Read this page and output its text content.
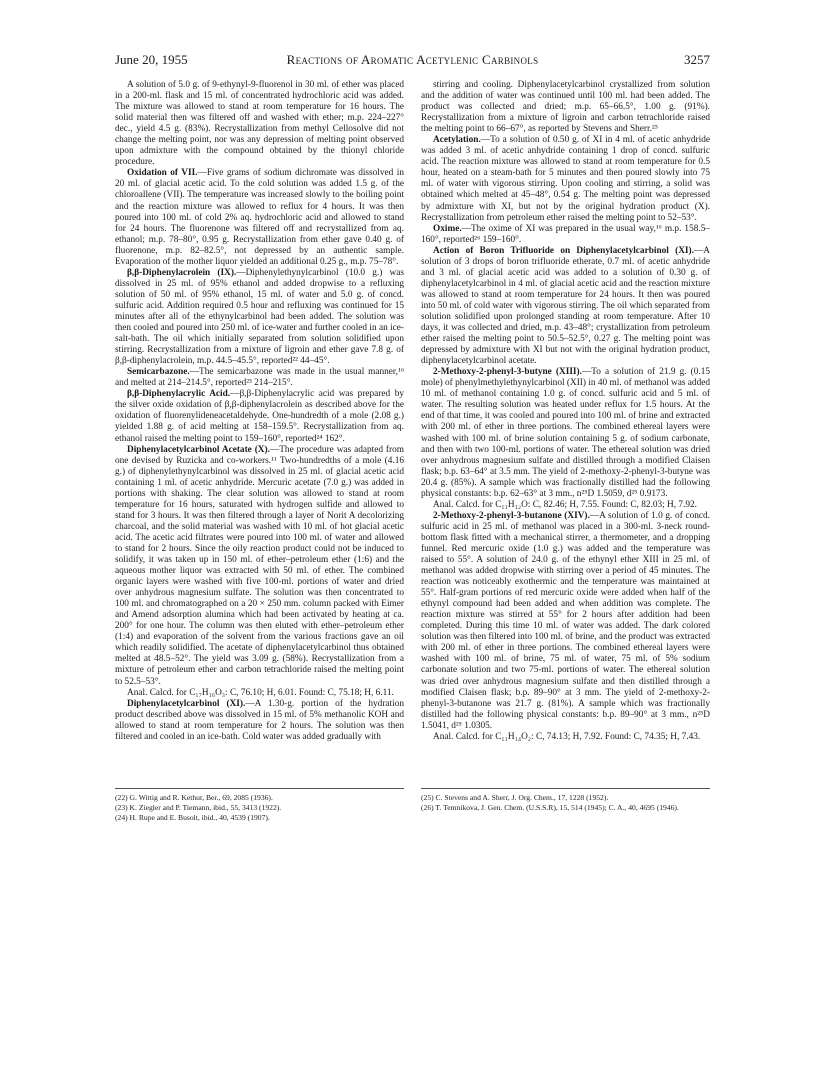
June 20, 1955	Reactions of Aromatic Acetylenic Carbinols	3257

A solution of 5.0 g. of 9-ethynyl-9-fluorenol in 30 ml. of ether was placed in a 200-ml. flask and 15 ml. of concentrated hydrochloric acid was added. The mixture was allowed to stand at room temperature for 16 hours. The solid material then was filtered off and washed with ether; m.p. 224–227° dec., yield 4.5 g. (83%). Recrystallization from methyl Cellosolve did not change the melting point, nor was any depression of melting point observed upon admixture with the compound obtained by the thionyl chloride procedure.

Oxidation of VII.—Five grams of sodium dichromate was dissolved in 20 ml. of glacial acetic acid. To the cold solution was added 1.5 g. of the chloroallene (VII). The temperature was increased slowly to the boiling point and the reaction mixture was allowed to reflux for 4 hours. It was then poured into 100 ml. of cold 2% aq. hydrochloric acid and allowed to stand for 24 hours. The fluorenone was filtered off and recrystallized from aq. ethanol; m.p. 78–80°, 0.95 g. Recrystallization from ether gave 0.40 g. of fluorenone, m.p. 82–82.5°, not depressed by an authentic sample. Evaporation of the mother liquor yielded an additional 0.25 g., m.p. 75–78°.

β,β-Diphenylacrolein (IX).—Diphenylethynylcarbinol (10.0 g.) was dissolved in 25 ml. of 95% ethanol and added dropwise to a refluxing solution of 50 ml. of 95% ethanol, 15 ml. of water and 5.0 g. of concd. sulfuric acid. Addition required 0.5 hour and refluxing was continued for 15 minutes after all of the ethynylcarbinol had been added. The solution was then cooled and poured into 250 ml. of ice-water and further cooled in an ice-salt-bath. The oil which initially separated from solution solidified upon stirring. Recrystallization from a mixture of ligroin and ether gave 7.8 g. of β,β-diphenylacrolein, m.p. 44.5–45.5°, reported²² 44–45°.

Semicarbazone.—The semicarbazone was made in the usual manner,¹⁶ and melted at 214–214.5°, reported²³ 214–215°.

β,β-Diphenylacrylic Acid.—β,β-Diphenylacrylic acid was prepared by the silver oxide oxidation of β,β-diphenylacrolein as described above for the oxidation of fluorenylideneacetaldehyde. One-hundredth of a mole (2.08 g.) yielded 1.88 g. of acid melting at 158–159.5°. Recrystallization from aq. ethanol raised the melting point to 159–160°, reported²⁴ 162°.

Diphenylacetylcarbinol Acetate (X).—The procedure was adapted from one devised by Ruzicka and co-workers.¹¹ Two-hundredths of a mole (4.16 g.) of diphenylethynylcarbinol was dissolved in 25 ml. of glacial acetic acid containing 1 ml. of acetic anhydride. Mercuric acetate (7.0 g.) was added in portions with shaking. The clear solution was allowed to stand at room temperature for 16 hours, saturated with hydrogen sulfide and allowed to stand for 3 hours. It was then filtered through a layer of Norit A decolorizing charcoal, and the solid material was washed with 10 ml. of hot glacial acetic acid. The acetic acid filtrates were poured into 100 ml. of water and allowed to stand for 2 hours. Since the oily reaction product could not be induced to solidify, it was taken up in 150 ml. of ether–petroleum ether (1:6) and the aqueous mother liquor was extracted with 50 ml. of ether. The combined organic layers were washed with five 100-ml. portions of water and dried over anhydrous magnesium sulfate. The solution was then concentrated to 100 ml. and chromatographed on a 20 × 250 mm. column packed with Eimer and Amend adsorption alumina which had been activated by heating at ca. 200° for one hour. The column was then eluted with ether–petroleum ether (1:4) and evaporation of the solvent from the various fractions gave an oil which readily solidified. The acetate of diphenylacetylcarbinol thus obtained melted at 48.5–52°. The yield was 3.09 g. (58%). Recrystallization from a mixture of petroleum ether and carbon tetrachloride raised the melting point to 52.5–53°.

Anal. Calcd. for C₁₇H₁₆O₃: C, 76.10; H, 6.01. Found: C, 75.18; H, 6.11.

Diphenylacetylcarbinol (XI).—A 1.30-g. portion of the hydration product described above was dissolved in 15 ml. of 5% methanolic KOH and allowed to stand at room temperature for 2 hours. The solution was then filtered and cooled in an ice-bath. Cold water was added gradually with

stirring and cooling. Diphenylacetylcarbinol crystallized from solution and the addition of water was continued until 100 ml. had been added. The product was collected and dried; m.p. 65–66.5°, 1.00 g. (91%). Recrystallization from a mixture of ligroin and carbon tetrachloride raised the melting point to 66–67°, as reported by Stevens and Sherr.²⁵

Acetylation.—To a solution of 0.50 g. of XI in 4 ml. of acetic anhydride was added 3 ml. of acetic anhydride containing 1 drop of concd. sulfuric acid. The reaction mixture was allowed to stand at room temperature for 0.5 hour, heated on a steam-bath for 5 minutes and then poured slowly into 75 ml. of water with vigorous stirring. Upon cooling and stirring, a solid was obtained which melted at 45–48°, 0.54 g. The melting point was depressed by admixture with XI, but not by the original hydration product (X). Recrystallization from petroleum ether raised the melting point to 52–53°.

Oxime.—The oxime of XI was prepared in the usual way,¹⁶ m.p. 158.5–160°, reported²⁶ 159–160°.

Action of Boron Trifluoride on Diphenylacetylcarbinol (XI).—A solution of 3 drops of boron trifluoride etherate, 0.7 ml. of acetic anhydride and 3 ml. of glacial acetic acid was added to a solution of 0.30 g. of diphenylacetylcarbinol in 4 ml. of glacial acetic acid and the reaction mixture was allowed to stand at room temperature for 24 hours. It then was poured into 50 ml. of cold water with vigorous stirring. The oil which separated from solution solidified upon prolonged standing at room temperature. After 10 days, it was collected and dried, m.p. 43–48°; crystallization from petroleum ether raised the melting point to 50.5–52.5°, 0.27 g. The melting point was depressed by admixture with XI but not with the original hydration product, diphenylacetylcarbinol acetate.

2-Methoxy-2-phenyl-3-butyne (XIII).—To a solution of 21.9 g. (0.15 mole) of phenylmethylethynylcarbinol (XII) in 40 ml. of methanol was added 10 ml. of methanol containing 1.0 g. of concd. sulfuric acid and 5 ml. of water. The resulting solution was heated under reflux for 1.5 hours. At the end of that time, it was cooled and poured into 100 ml. of brine and extracted with 200 ml. of ether in three portions. The combined ethereal layers were washed with 100 ml. of brine solution containing 5 g. of sodium carbonate, and then with two 100-ml. portions of water. The ethereal solution was dried over anhydrous magnesium sulfate and distilled through a modified Claisen flask; b.p. 63–64° at 3.5 mm. The yield of 2-methoxy-2-phenyl-3-butyne was 20.4 g. (85%). A sample which was fractionally distilled had the following physical constants: b.p. 62–63° at 3 mm., n²⁵D 1.5059, d²⁵ 0.9173.

Anal. Calcd. for C₁₁H₁₂O: C, 82.46; H, 7.55. Found: C, 82.03; H, 7.92.

2-Methoxy-2-phenyl-3-butanone (XIV).—A solution of 1.0 g. of concd. sulfuric acid in 25 ml. of methanol was placed in a 300-ml. 3-neck round-bottom flask fitted with a mechanical stirrer, a thermometer, and a dropping funnel. Red mercuric oxide (1.0 g.) was added and the temperature was raised to 55°. A solution of 24.0 g. of the ethynyl ether XIII in 25 ml. of methanol was added dropwise with stirring over a period of 45 minutes. The reaction was noticeably exothermic and the temperature was maintained at 55°. Half-gram portions of red mercuric oxide were added when half of the ethynyl compound had been added and when addition was complete. The reaction mixture was stirred at 55° for 2 hours after addition had been completed. During this time 10 ml. of water was added. The dark colored solution was then filtered into 100 ml. of brine, and the product was extracted with 200 ml. of ether in three portions. The combined ethereal layers were washed with 100 ml. of brine, 75 ml. of water, 75 ml. of 5% sodium carbonate solution and two 75-ml. portions of water. The ethereal solution was dried over anhydrous magnesium sulfate and then distilled through a modified Claisen flask; b.p. 89–90° at 3 mm. The yield of 2-methoxy-2-phenyl-3-butanone was 21.7 g. (81%). A sample which was fractionally distilled had the following physical constants: b.p. 89–90° at 3 mm., n²⁵D 1.5041, d²⁵ 1.0305.

Anal. Calcd. for C₁₁H₁₄O₂: C, 74.13; H, 7.92. Found: C, 74.35; H, 7.43.

(22) G. Wittig and R. Kethur, Ber., 69, 2085 (1936).
(23) K. Ziegler and P. Tiemann, ibid., 55, 3413 (1922).
(24) H. Rupe and E. Busolt, ibid., 40, 4539 (1907).
(25) C. Stevens and A. Sherr, J. Org. Chem., 17, 1228 (1952).
(26) T. Temnikova, J. Gen. Chem. (U.S.S.R), 15, 514 (1945); C. A., 40, 4695 (1946).
